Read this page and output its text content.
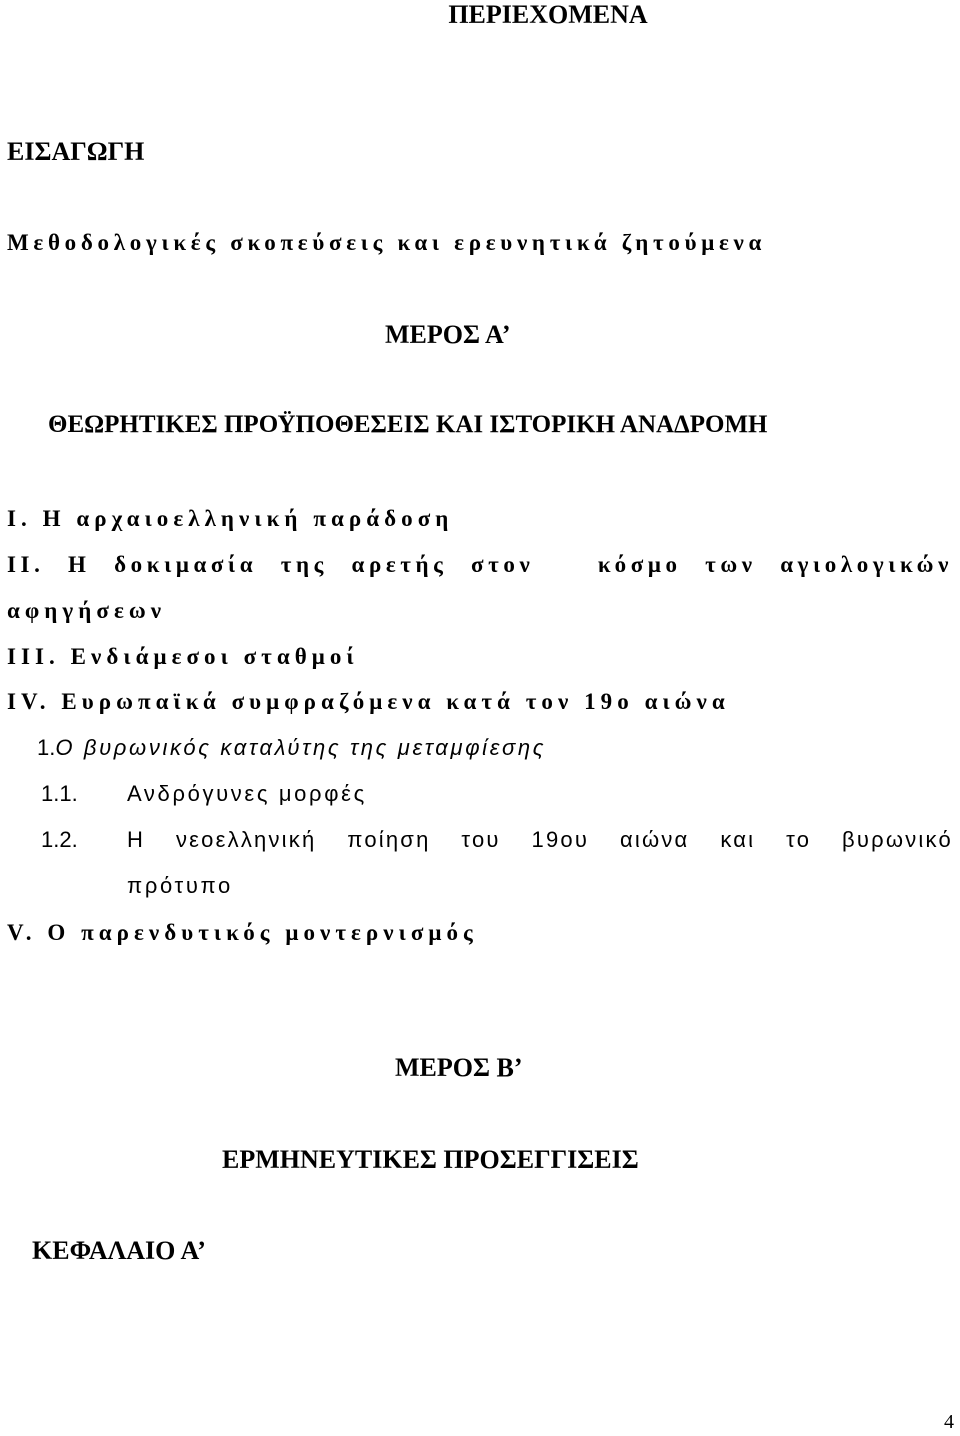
ΠΕΡΙΕΧΟΜΕΝΑ
ΕΙΣΑΓΩΓΗ
Μεθοδολογικές σκοπεύσεις και ερευνητικά ζητούμενα
ΜΕΡΟΣ Α’
ΘΕΩΡΗΤΙΚΕΣ ΠΡΟΫΠΟΘΕΣΕΙΣ ΚΑΙ ΙΣΤΟΡΙΚΗ ΑΝΑΔΡΟΜΗ
Ι. Η αρχαιοελληνική παράδοση
ΙΙ. Η δοκιμασία της αρετής στον	κόσμο των αγιολογικών
αφηγήσεων
ΙΙΙ. Ενδιάμεσοι σταθμοί
ΙV. Ευρωπαϊκά συμφραζόμενα κατά τον 19ο αιώνα
1.Ο βυρωνικός καταλύτης της μεταμφίεσης
1.1. Ανδρόγυνες μορφές
1.2. Η νεοελληνική ποίηση του 19ου αιώνα και το βυρωνικό
πρότυπο
V. Ο παρενδυτικός μοντερνισμός
ΜΕΡΟΣ Β’
ΕΡΜΗΝΕΥΤΙΚΕΣ ΠΡΟΣΕΓΓΙΣΕΙΣ
ΚΕΦΑΛΑΙΟ Α’
4
